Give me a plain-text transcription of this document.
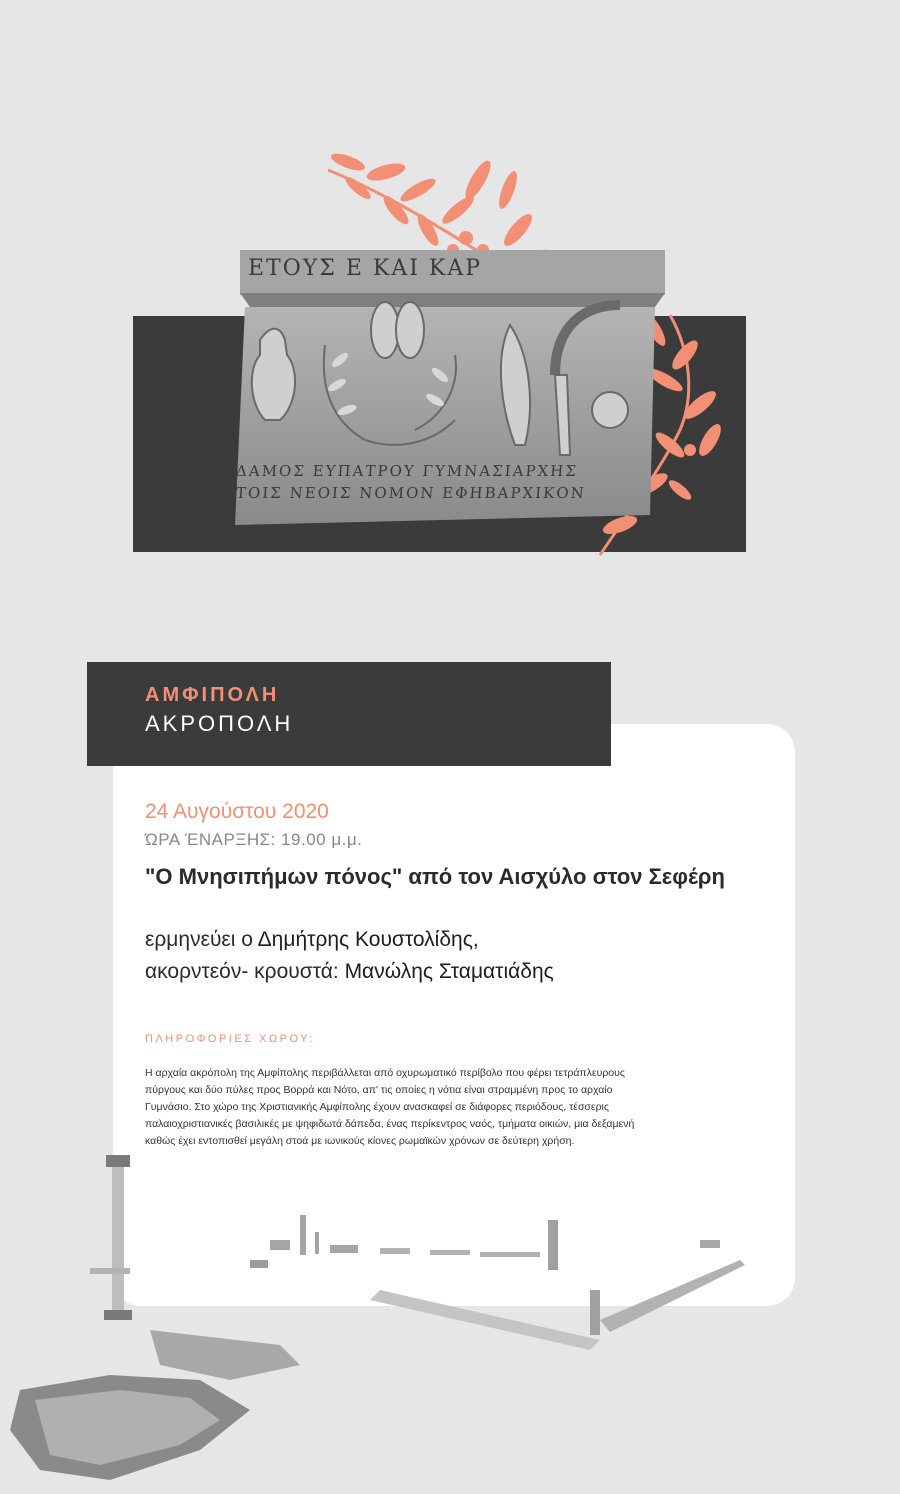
ΕΤΟΥΣ Ε ΚΑΙ ΚΑΡ
ΔΑΜΟΣ ΕΥΠΑΤΡΟΥ ΓΥΜΝΑΣΙΑΡΧΗΣ
ΤΟΙΣ ΝΕΟΙΣ ΝΟΜΟΝ ΕΦΗΒΑΡΧΙΚΟΝ
ΑΜΦΙΠΟΛΗ
ΑΚΡΟΠΟΛΗ
24 Αυγούστου 2020
ΏΡΑ ΈΝΑΡΞΗΣ: 19.00 μ.μ.
"Ο Μνησιπήμων πόνος" από τον Αισχύλο στον Σεφέρη
ερμηνεύει ο Δημήτρης Κουστολίδης,
ακορντεόν- κρουστά: Μανώλης Σταματιάδης
ΠΛΗΡΟΦΟΡΙΕΣ ΧΩΡΟΥ:
Η αρχαία ακρόπολη της Αμφίπολης περιβάλλεται από οχυρωματικό περίβολο που φέρει τετράπλευρους πύργους και δύο πύλες προς Βορρά και Νότο, απ' τις οποίες η νότια είναι στραμμένη προς το αρχαίο Γυμνάσιο. Στο χώρο της Χριστιανικής Αμφίπολης έχουν ανασκαφεί σε διάφορες περιόδους, τέσσερις παλαιοχριστιανικές βασιλικές με ψηφιδωτά δάπεδα, ένας περίκεντρος ναός, τμήματα οικιών, μια δεξαμενή καθώς έχει εντοπισθεί μεγάλη στοά με ιωνικούς κίονες ρωμαϊκών χρόνων σε δεύτερη χρήση.
